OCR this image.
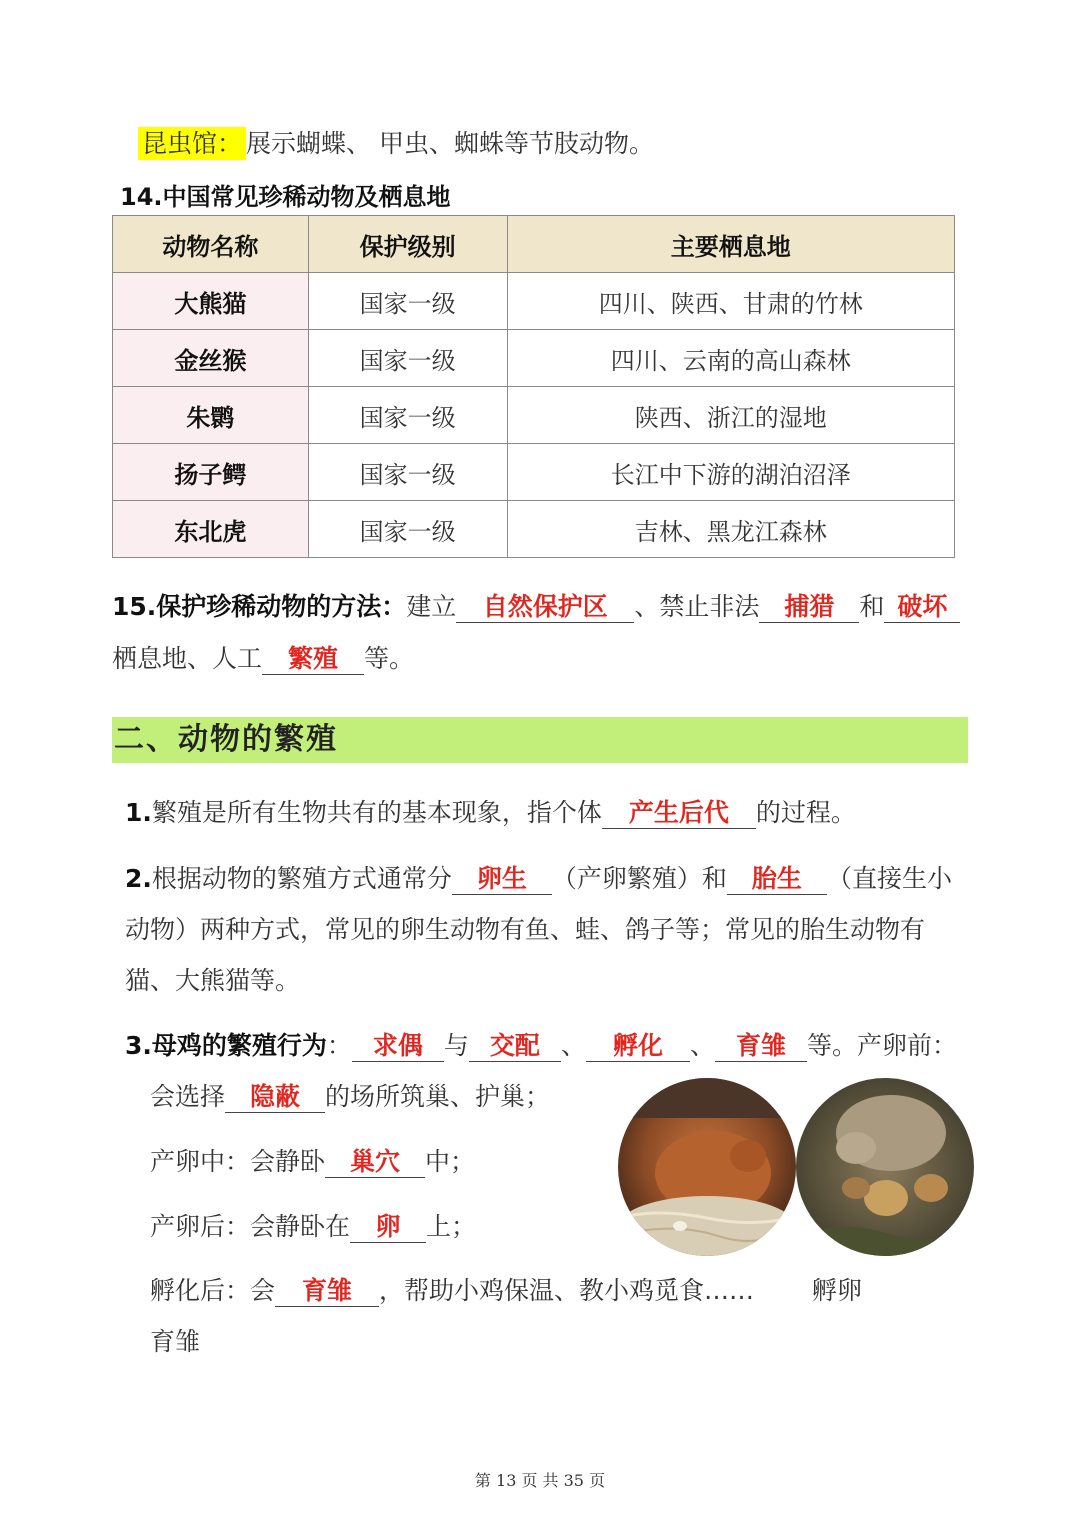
昆虫馆： 展示蝴蝶、 甲虫、蜘蛛等节肢动物。
14.中国常见珍稀动物及栖息地
动物名称	保护级别	主要栖息地
大熊猫	国家一级	四川、陕西、甘肃的竹林
金丝猴	国家一级	四川、云南的高山森林
朱鹮	国家一级	陕西、浙江的湿地
扬子鳄	国家一级	长江中下游的湖泊沼泽
东北虎	国家一级	吉林、黑龙江森林
15.保护珍稀动物的方法：建立 自然保护区 、禁止非法 捕猎 和 破坏
栖息地、人工 繁殖 等。
二、动物的繁殖
1.繁殖是所有生物共有的基本现象，指个体 产生后代 的过程。
2.根据动物的繁殖方式通常分 卵生 （产卵繁殖）和 胎生 （直接生小
动物）两种方式，常见的卵生动物有鱼、蛙、鸽子等；常见的胎生动物有
猫、大熊猫等。
3.母鸡的繁殖行为： 求偶 与 交配 、 孵化 、 育雏 等。产卵前：
会选择 隐蔽 的场所筑巢、护巢；
产卵中：会静卧 巢穴 中；
产卵后：会静卧在 卵 上；
孵化后：会 育雏 ，帮助小鸡保温、教小鸡觅食…… 孵卵
育雏
第 13 页 共 35 页
